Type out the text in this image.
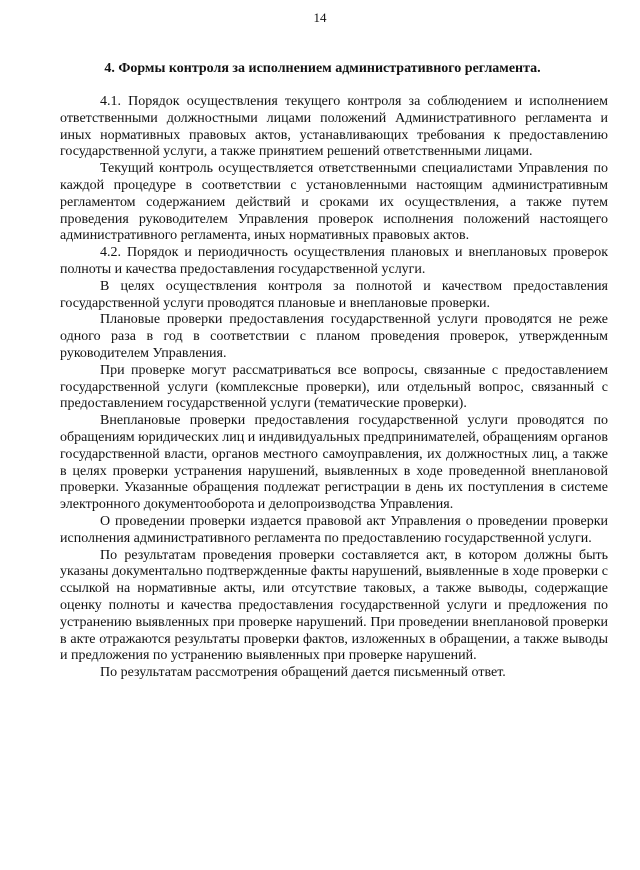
14
4. Формы контроля за исполнением административного регламента.

4.1. Порядок осуществления текущего контроля за соблюдением и исполнением ответственными должностными лицами положений Административного регламента и иных нормативных правовых актов, устанавливающих требования к предоставлению государственной услуги, а также принятием решений ответственными лицами.

Текущий контроль осуществляется ответственными специалистами Управления по каждой процедуре в соответствии с установленными настоящим административным регламентом содержанием действий и сроками их осуществления, а также путем проведения руководителем Управления проверок исполнения положений настоящего административного регламента, иных нормативных правовых актов.

4.2. Порядок и периодичность осуществления плановых и внеплановых проверок полноты и качества предоставления государственной услуги.

В целях осуществления контроля за полнотой и качеством предоставления государственной услуги проводятся плановые и внеплановые проверки.

Плановые проверки предоставления государственной услуги проводятся не реже одного раза в год в соответствии с планом проведения проверок, утвержденным руководителем Управления.

При проверке могут рассматриваться все вопросы, связанные с предоставлением государственной услуги (комплексные проверки), или отдельный вопрос, связанный с предоставлением государственной услуги (тематические проверки).

Внеплановые проверки предоставления государственной услуги проводятся по обращениям юридических лиц и индивидуальных предпринимателей, обращениям органов государственной власти, органов местного самоуправления, их должностных лиц, а также в целях проверки устранения нарушений, выявленных в ходе проведенной внеплановой проверки. Указанные обращения подлежат регистрации в день их поступления в системе электронного документооборота и делопроизводства Управления.

О проведении проверки издается правовой акт Управления о проведении проверки исполнения административного регламента по предоставлению государственной услуги.

По результатам проведения проверки составляется акт, в котором должны быть указаны документально подтвержденные факты нарушений, выявленные в ходе проверки с ссылкой на нормативные акты, или отсутствие таковых, а также выводы, содержащие оценку полноты и качества предоставления государственной услуги и предложения по устранению выявленных при проверке нарушений. При проведении внеплановой проверки в акте отражаются результаты проверки фактов, изложенных в обращении, а также выводы и предложения по устранению выявленных при проверке нарушений.

По результатам рассмотрения обращений дается письменный ответ.
